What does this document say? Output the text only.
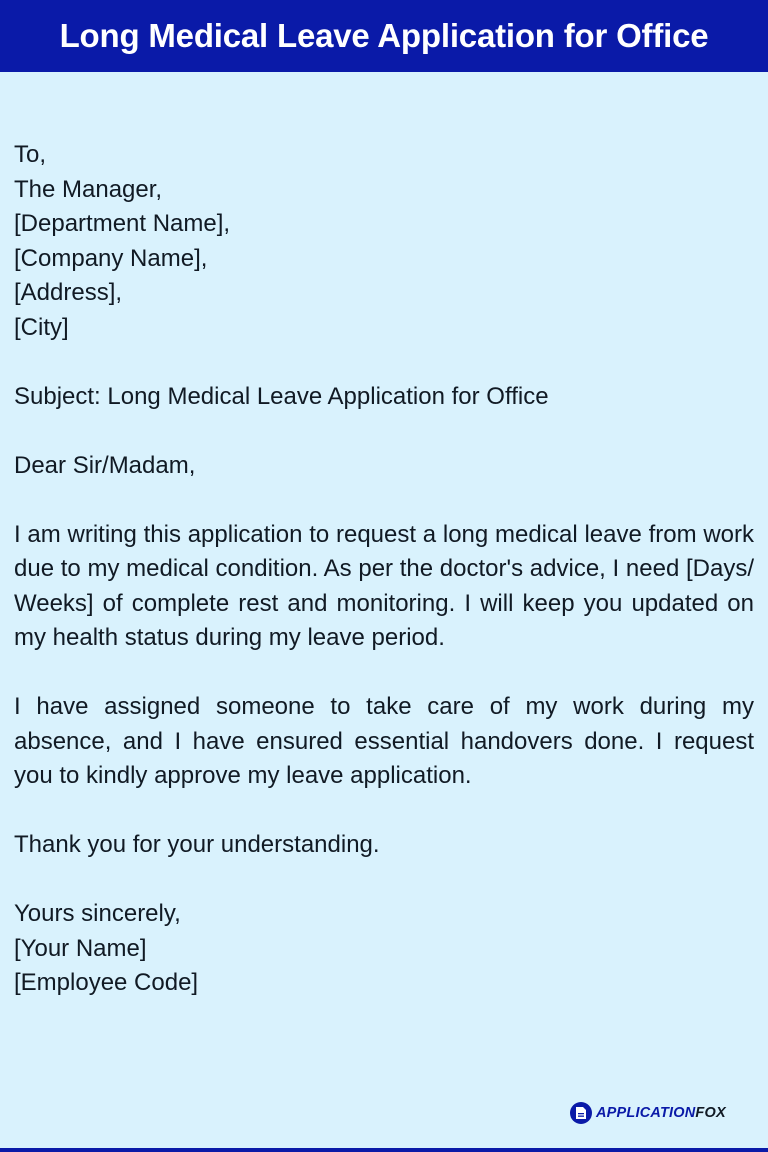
Long Medical Leave Application for Office
To,
The Manager,
[Department Name],
[Company Name],
[Address],
[City]
Subject: Long Medical Leave Application for Office
Dear Sir/Madam,
I am writing this application to request a long medical leave from work due to my medical condition. As per the doctor's advice, I need [Days/ Weeks] of complete rest and monitoring. I will keep you updated on my health status during my leave period.
I have assigned someone to take care of my work during my absence, and I have ensured essential handovers done. I request you to kindly approve my leave application.
Thank you for your understanding.
Yours sincerely,
[Your Name]
[Employee Code]
APPLICATIONFOX
